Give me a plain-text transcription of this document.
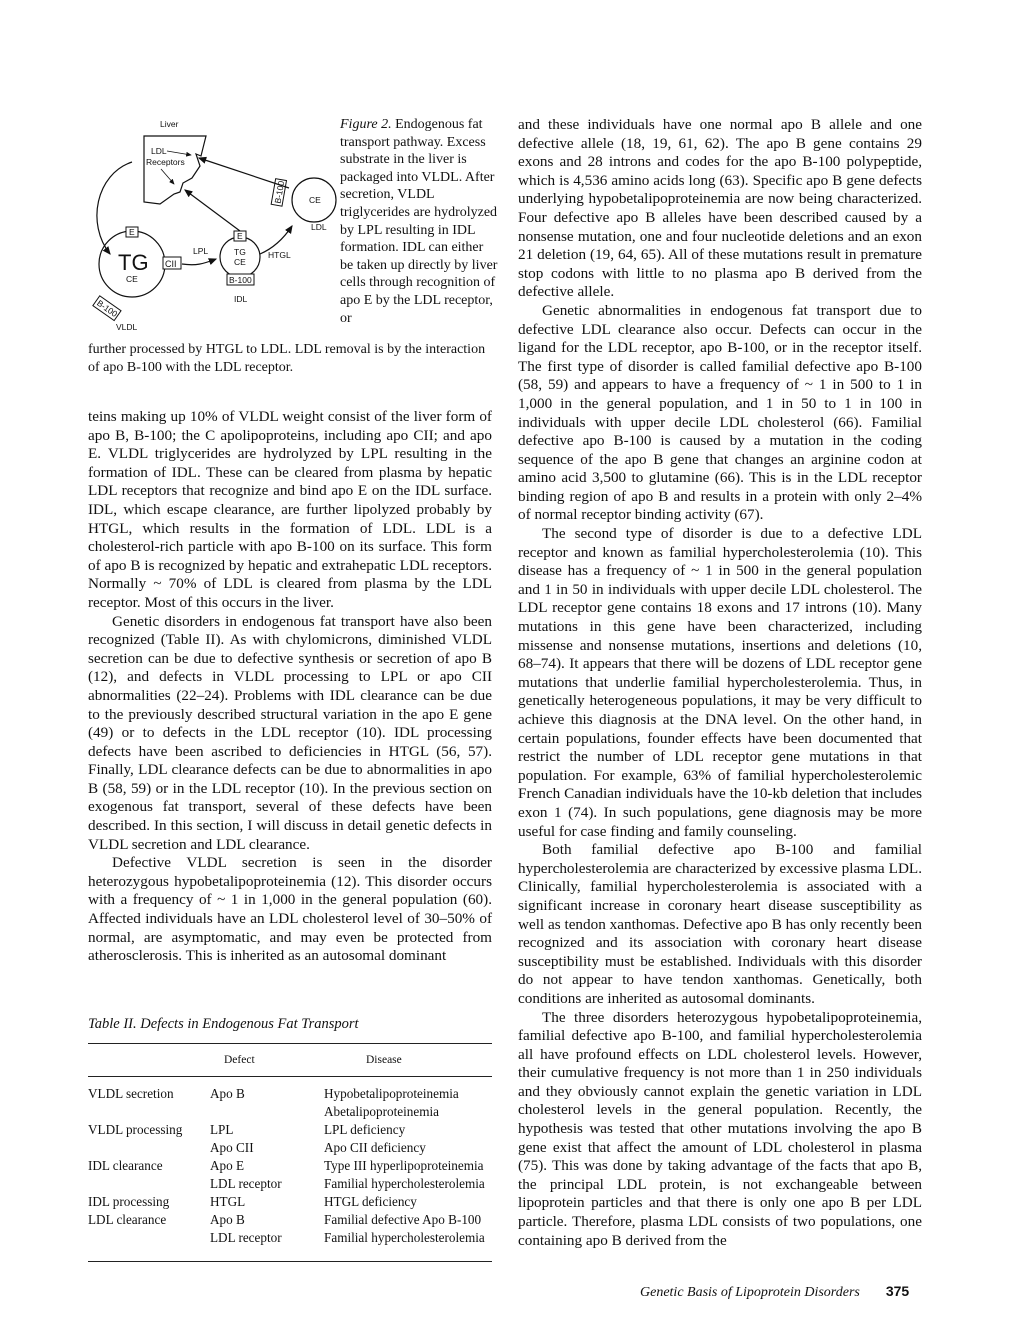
Liver
LDL
Receptors
E
CII
B-100
TG
CE
VLDL
LPL
E
B-100
TG
CE
IDL
HTGL
B-100	CE
LDL
Figure 2. Endogenous fat transport pathway. Excess substrate in the liver is packaged into VLDL. After secretion, VLDL triglycerides are hydrolyzed by LPL resulting in IDL formation. IDL can either be taken up directly by liver cells through recognition of apo E by the LDL receptor, or
further processed by HTGL to LDL. LDL removal is by the interaction of apo B-100 with the LDL receptor.

teins making up 10% of VLDL weight consist of the liver form of apo B, B-100; the C apolipoproteins, including apo CII; and apo E. VLDL triglycerides are hydrolyzed by LPL resulting in the formation of IDL. These can be cleared from plasma by hepatic LDL receptors that recognize and bind apo E on the IDL surface. IDL, which escape clearance, are further lipolyzed probably by HTGL, which results in the formation of LDL. LDL is a cholesterol-rich particle with apo B-100 on its surface. This form of apo B is recognized by hepatic and extrahepatic LDL receptors. Normally ~ 70% of LDL is cleared from plasma by the LDL receptor. Most of this occurs in the liver.

Genetic disorders in endogenous fat transport have also been recognized (Table II). As with chylomicrons, diminished VLDL secretion can be due to defective synthesis or secretion of apo B (12), and defects in VLDL processing to LPL or apo CII abnormalities (22–24). Problems with IDL clearance can be due to the previously described structural variation in the apo E gene (49) or to defects in the LDL receptor (10). IDL processing defects have been ascribed to deficiencies in HTGL (56, 57). Finally, LDL clearance defects can be due to abnormalities in apo B (58, 59) or in the LDL receptor (10). In the previous section on exogenous fat transport, several of these defects have been described. In this section, I will discuss in detail genetic defects in VLDL secretion and LDL clearance.

Defective VLDL secretion is seen in the disorder heterozygous hypobetalipoproteinemia (12). This disorder occurs with a frequency of ~ 1 in 1,000 in the general population (60). Affected individuals have an LDL cholesterol level of 30–50% of normal, are asymptomatic, and may even be protected from atherosclerosis. This is inherited as an autosomal dominant

Table II. Defects in Endogenous Fat Transport
	Defect	Disease
VLDL secretion	Apo B	Hypobetalipoproteinemia
		Abetalipoproteinemia
VLDL processing	LPL	LPL deficiency
	Apo CII	Apo CII deficiency
IDL clearance	Apo E	Type III hyperlipoproteinemia
	LDL receptor	Familial hypercholesterolemia
IDL processing	HTGL	HTGL deficiency
LDL clearance	Apo B	Familial defective Apo B-100
	LDL receptor	Familial hypercholesterolemia

and these individuals have one normal apo B allele and one defective allele (18, 19, 61, 62). The apo B gene contains 29 exons and 28 introns and codes for the apo B-100 polypeptide, which is 4,536 amino acids long (63). Specific apo B gene defects underlying hypobetalipoproteinemia are now being characterized. Four defective apo B alleles have been described caused by a nonsense mutation, one and four nucleotide deletions and an exon 21 deletion (19, 64, 65). All of these mutations result in premature stop codons with little to no plasma apo B derived from the defective allele.

Genetic abnormalities in endogenous fat transport due to defective LDL clearance also occur. Defects can occur in the ligand for the LDL receptor, apo B-100, or in the receptor itself. The first type of disorder is called familial defective apo B-100 (58, 59) and appears to have a frequency of ~ 1 in 500 to 1 in 1,000 in the general population, and 1 in 50 to 1 in 100 in individuals with upper decile LDL cholesterol (66). Familial defective apo B-100 is caused by a mutation in the coding sequence of the apo B gene that changes an arginine codon at amino acid 3,500 to glutamine (66). This is in the LDL receptor binding region of apo B and results in a protein with only 2–4% of normal receptor binding activity (67).

The second type of disorder is due to a defective LDL receptor and known as familial hypercholesterolemia (10). This disease has a frequency of ~ 1 in 500 in the general population and 1 in 50 in individuals with upper decile LDL cholesterol. The LDL receptor gene contains 18 exons and 17 introns (10). Many mutations in this gene have been characterized, including missense and nonsense mutations, insertions and deletions (10, 68–74). It appears that there will be dozens of LDL receptor gene mutations that underlie familial hypercholesterolemia. Thus, in genetically heterogeneous populations, it may be very difficult to achieve this diagnosis at the DNA level. On the other hand, in certain populations, founder effects have been documented that restrict the number of LDL receptor gene mutations in that population. For example, 63% of familial hypercholesterolemic French Canadian individuals have the 10-kb deletion that includes exon 1 (74). In such populations, gene diagnosis may be more useful for case finding and family counseling.

Both familial defective apo B-100 and familial hypercholesterolemia are characterized by excessive plasma LDL. Clinically, familial hypercholesterolemia is associated with a significant increase in coronary heart disease susceptibility as well as tendon xanthomas. Defective apo B has only recently been recognized and its association with coronary heart disease susceptibility must be established. Individuals with this disorder do not appear to have tendon xanthomas. Genetically, both conditions are inherited as autosomal dominants.

The three disorders heterozygous hypobetalipoproteinemia, familial defective apo B-100, and familial hypercholesterolemia all have profound effects on LDL cholesterol levels. However, their cumulative frequency is not more than 1 in 250 individuals and they obviously cannot explain the genetic variation in LDL cholesterol levels in the general population. Recently, the hypothesis was tested that other mutations involving the apo B gene exist that affect the amount of LDL cholesterol in plasma (75). This was done by taking advantage of the facts that apo B, the principal LDL protein, is not exchangeable between lipoprotein particles and that there is only one apo B per LDL particle. Therefore, plasma LDL consists of two populations, one containing apo B derived from the

Genetic Basis of Lipoprotein Disorders 375
